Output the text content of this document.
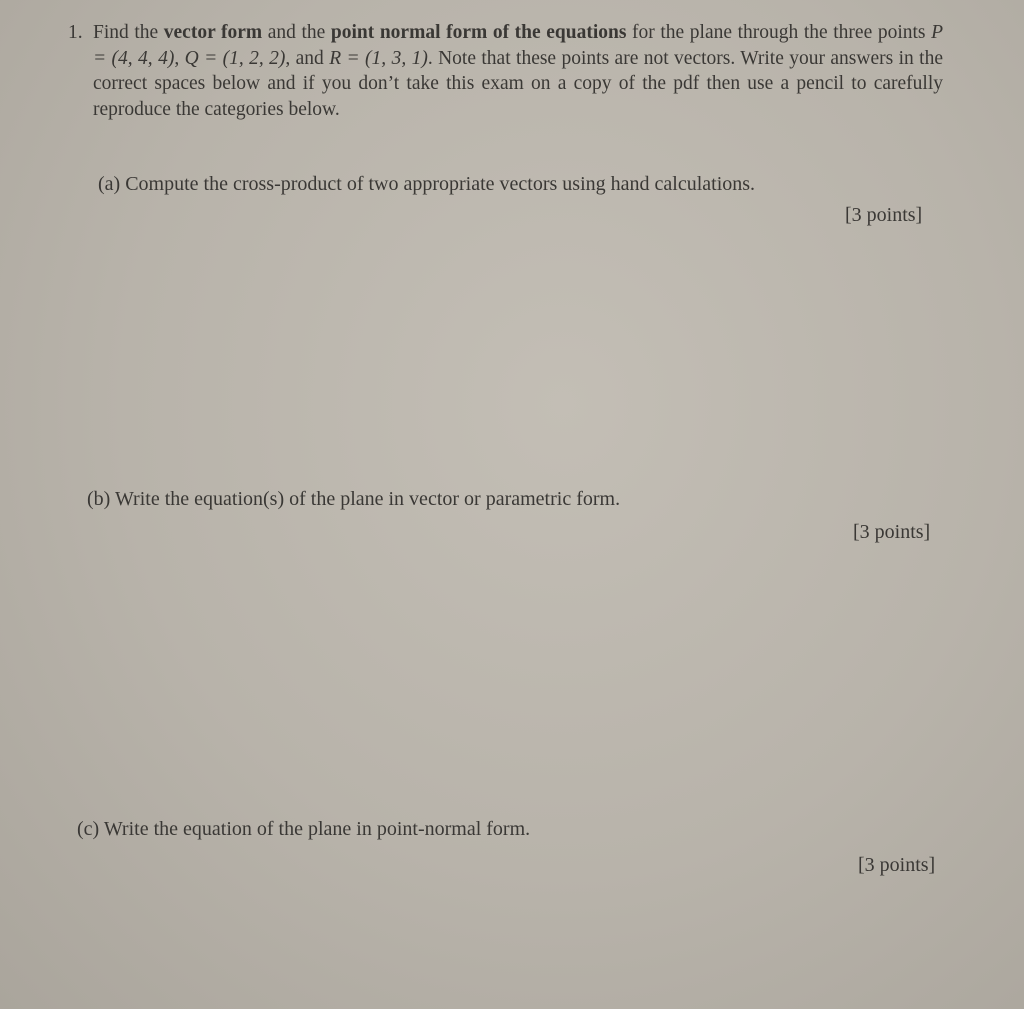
1. Find the vector form and the point normal form of the equations for the plane through the three points P = (4, 4, 4), Q = (1, 2, 2), and R = (1, 3, 1). Note that these points are not vectors. Write your answers in the correct spaces below and if you don’t take this exam on a copy of the pdf then use a pencil to carefully reproduce the categories below.
(a) Compute the cross-product of two appropriate vectors using hand calculations.
[3 points]
(b) Write the equation(s) of the plane in vector or parametric form.
[3 points]
(c) Write the equation of the plane in point-normal form.
[3 points]
